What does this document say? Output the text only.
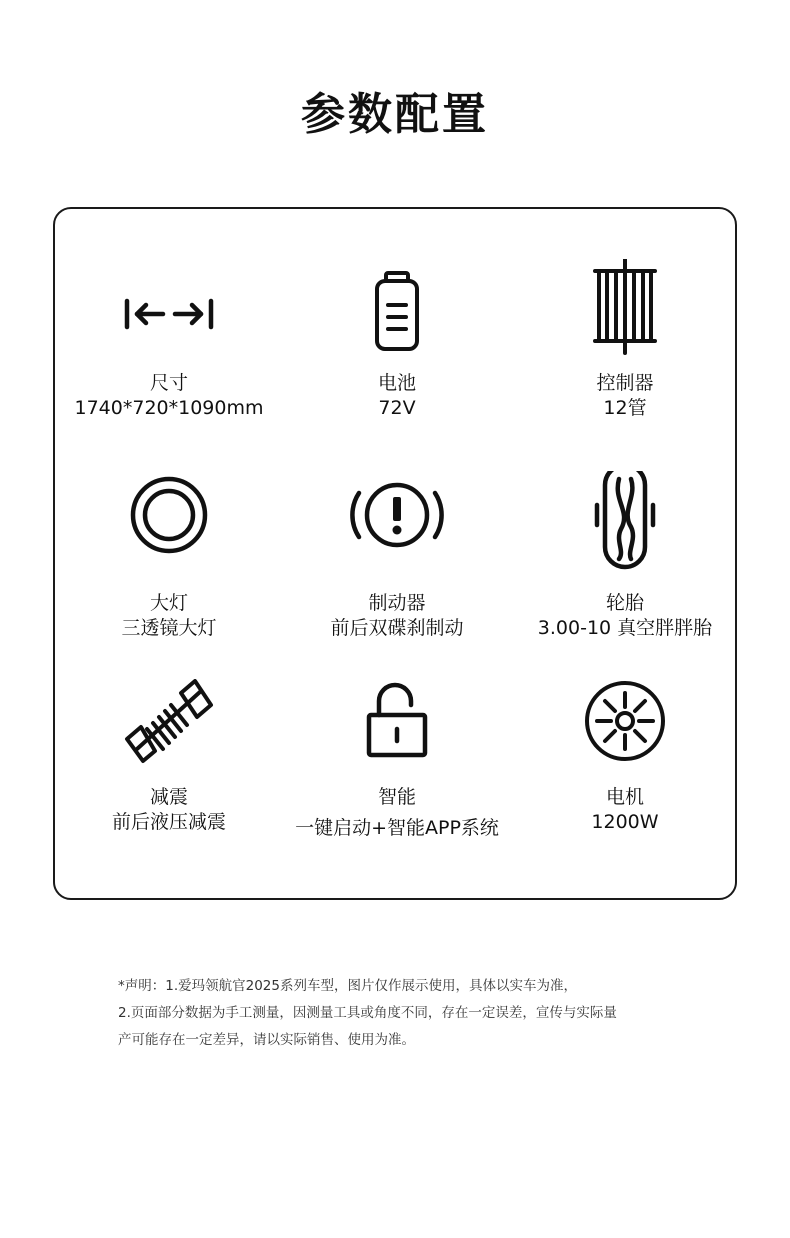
参数配置
尺寸
1740*720*1090mm
电池
72V
控制器
12管
大灯
三透镜大灯
制动器
前后双碟刹制动
轮胎
3.00-10 真空胖胖胎
减震
前后液压减震
智能
一键启动+智能APP系统
电机
1200W
*声明：1.爱玛领航官2025系列车型，图片仅作展示使用，具体以实车为准，
2.页面部分数据为手工测量，因测量工具或角度不同，存在一定误差，宣传与实际量
产可能存在一定差异，请以实际销售、使用为准。
